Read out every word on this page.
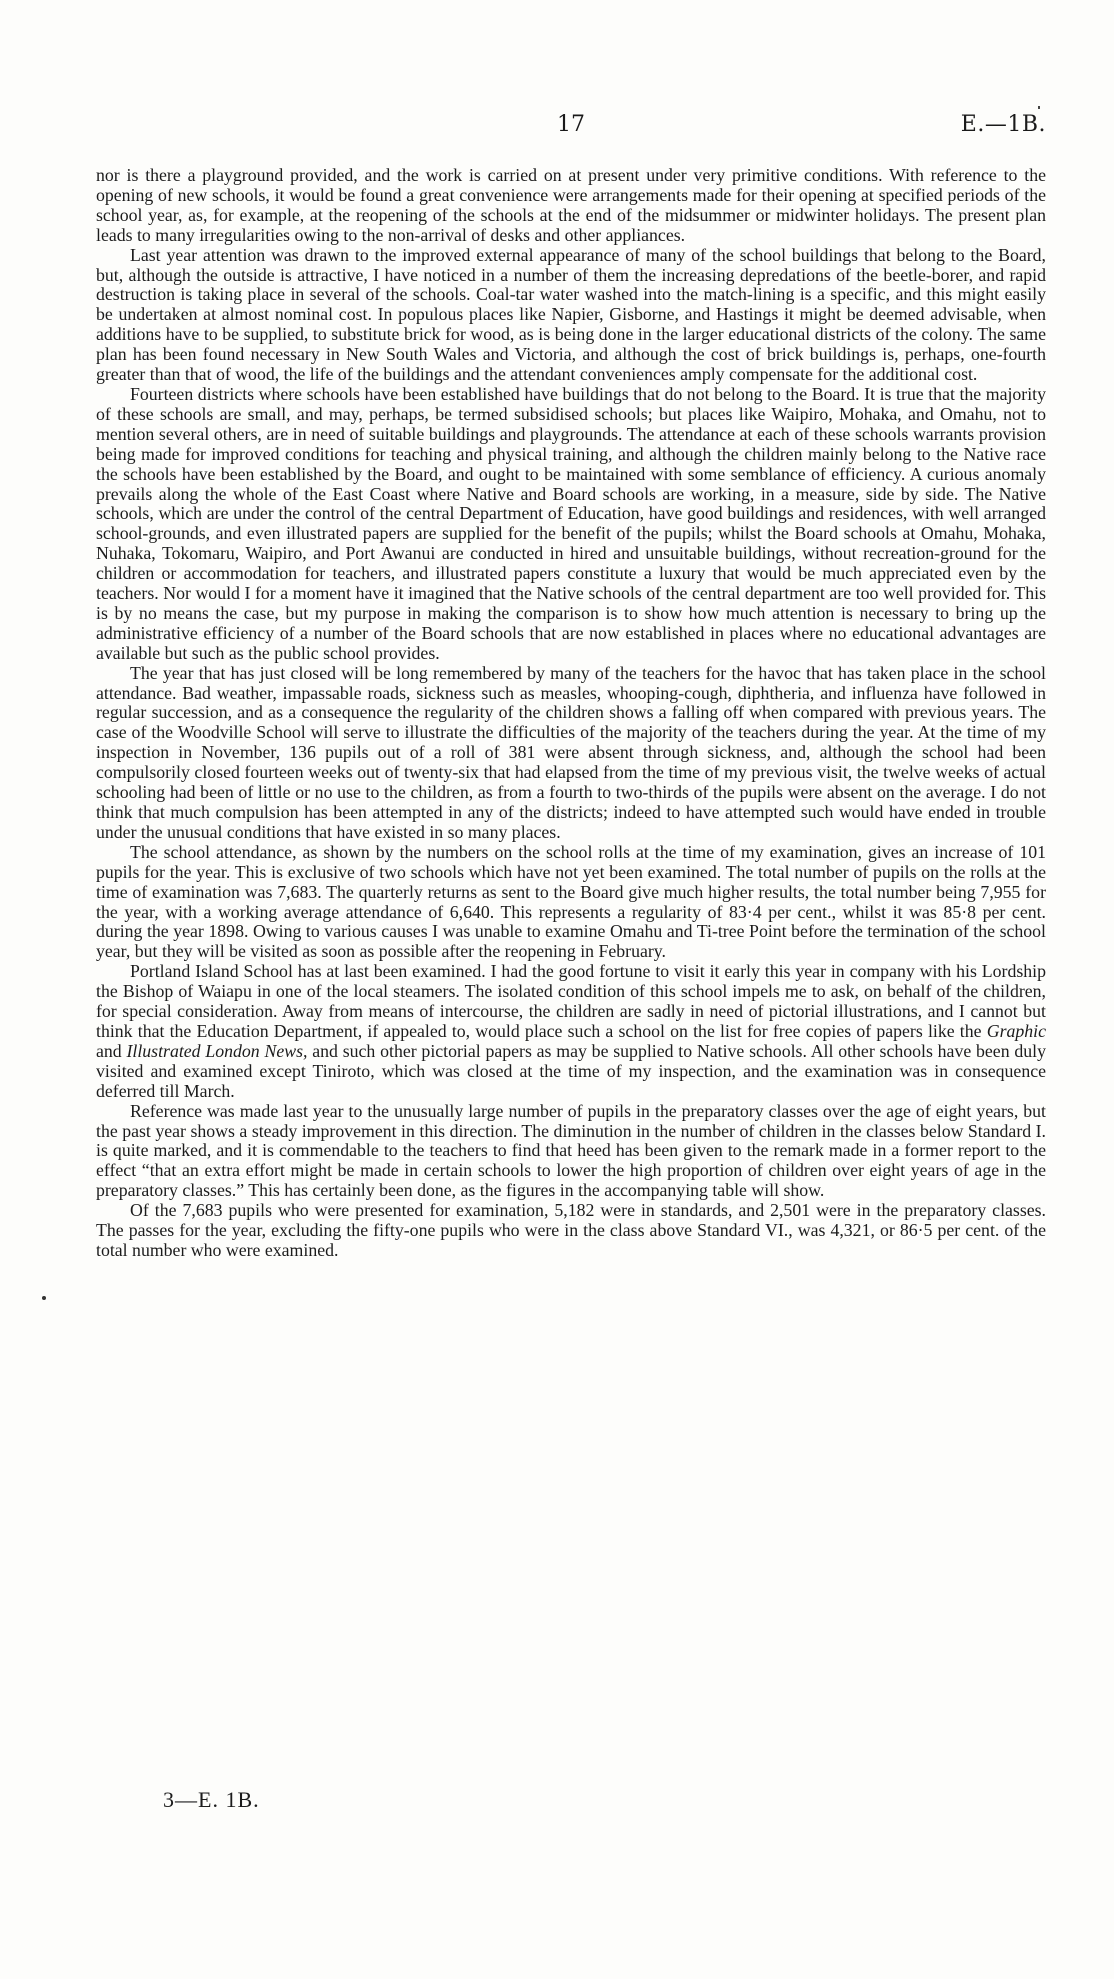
17	E.—1B.

nor is there a playground provided, and the work is carried on at present under very primitive conditions. With reference to the opening of new schools, it would be found a great convenience were arrangements made for their opening at specified periods of the school year, as, for example, at the reopening of the schools at the end of the midsummer or midwinter holidays. The present plan leads to many irregularities owing to the non-arrival of desks and other appliances.

Last year attention was drawn to the improved external appearance of many of the school buildings that belong to the Board, but, although the outside is attractive, I have noticed in a number of them the increasing depredations of the beetle-borer, and rapid destruction is taking place in several of the schools. Coal-tar water washed into the match-lining is a specific, and this might easily be undertaken at almost nominal cost. In populous places like Napier, Gisborne, and Hastings it might be deemed advisable, when additions have to be supplied, to substitute brick for wood, as is being done in the larger educational districts of the colony. The same plan has been found necessary in New South Wales and Victoria, and although the cost of brick buildings is, perhaps, one-fourth greater than that of wood, the life of the buildings and the attendant conveniences amply compensate for the additional cost.

Fourteen districts where schools have been established have buildings that do not belong to the Board. It is true that the majority of these schools are small, and may, perhaps, be termed subsidised schools; but places like Waipiro, Mohaka, and Omahu, not to mention several others, are in need of suitable buildings and playgrounds. The attendance at each of these schools warrants provision being made for improved conditions for teaching and physical training, and although the children mainly belong to the Native race the schools have been established by the Board, and ought to be maintained with some semblance of efficiency. A curious anomaly prevails along the whole of the East Coast where Native and Board schools are working, in a measure, side by side. The Native schools, which are under the control of the central Department of Education, have good buildings and residences, with well arranged school-grounds, and even illustrated papers are supplied for the benefit of the pupils; whilst the Board schools at Omahu, Mohaka, Nuhaka, Tokomaru, Waipiro, and Port Awanui are conducted in hired and unsuitable buildings, without recreation-ground for the children or accommodation for teachers, and illustrated papers constitute a luxury that would be much appreciated even by the teachers. Nor would I for a moment have it imagined that the Native schools of the central department are too well provided for. This is by no means the case, but my purpose in making the comparison is to show how much attention is necessary to bring up the administrative efficiency of a number of the Board schools that are now established in places where no educational advantages are available but such as the public school provides.

The year that has just closed will be long remembered by many of the teachers for the havoc that has taken place in the school attendance. Bad weather, impassable roads, sickness such as measles, whooping-cough, diphtheria, and influenza have followed in regular succession, and as a consequence the regularity of the children shows a falling off when compared with previous years. The case of the Woodville School will serve to illustrate the difficulties of the majority of the teachers during the year. At the time of my inspection in November, 136 pupils out of a roll of 381 were absent through sickness, and, although the school had been compulsorily closed fourteen weeks out of twenty-six that had elapsed from the time of my previous visit, the twelve weeks of actual schooling had been of little or no use to the children, as from a fourth to two-thirds of the pupils were absent on the average. I do not think that much compulsion has been attempted in any of the districts; indeed to have attempted such would have ended in trouble under the unusual conditions that have existed in so many places.

The school attendance, as shown by the numbers on the school rolls at the time of my examination, gives an increase of 101 pupils for the year. This is exclusive of two schools which have not yet been examined. The total number of pupils on the rolls at the time of examination was 7,683. The quarterly returns as sent to the Board give much higher results, the total number being 7,955 for the year, with a working average attendance of 6,640. This represents a regularity of 83·4 per cent., whilst it was 85·8 per cent. during the year 1898. Owing to various causes I was unable to examine Omahu and Ti-tree Point before the termination of the school year, but they will be visited as soon as possible after the reopening in February.

Portland Island School has at last been examined. I had the good fortune to visit it early this year in company with his Lordship the Bishop of Waiapu in one of the local steamers. The isolated condition of this school impels me to ask, on behalf of the children, for special consideration. Away from means of intercourse, the children are sadly in need of pictorial illustrations, and I cannot but think that the Education Department, if appealed to, would place such a school on the list for free copies of papers like the Graphic and Illustrated London News, and such other pictorial papers as may be supplied to Native schools. All other schools have been duly visited and examined except Tiniroto, which was closed at the time of my inspection, and the examination was in consequence deferred till March.

Reference was made last year to the unusually large number of pupils in the preparatory classes over the age of eight years, but the past year shows a steady improvement in this direction. The diminution in the number of children in the classes below Standard I. is quite marked, and it is commendable to the teachers to find that heed has been given to the remark made in a former report to the effect “that an extra effort might be made in certain schools to lower the high proportion of children over eight years of age in the preparatory classes.” This has certainly been done, as the figures in the accompanying table will show.

Of the 7,683 pupils who were presented for examination, 5,182 were in standards, and 2,501 were in the preparatory classes. The passes for the year, excluding the fifty-one pupils who were in the class above Standard VI., was 4,321, or 86·5 per cent. of the total number who were examined.

3—E. 1B.
